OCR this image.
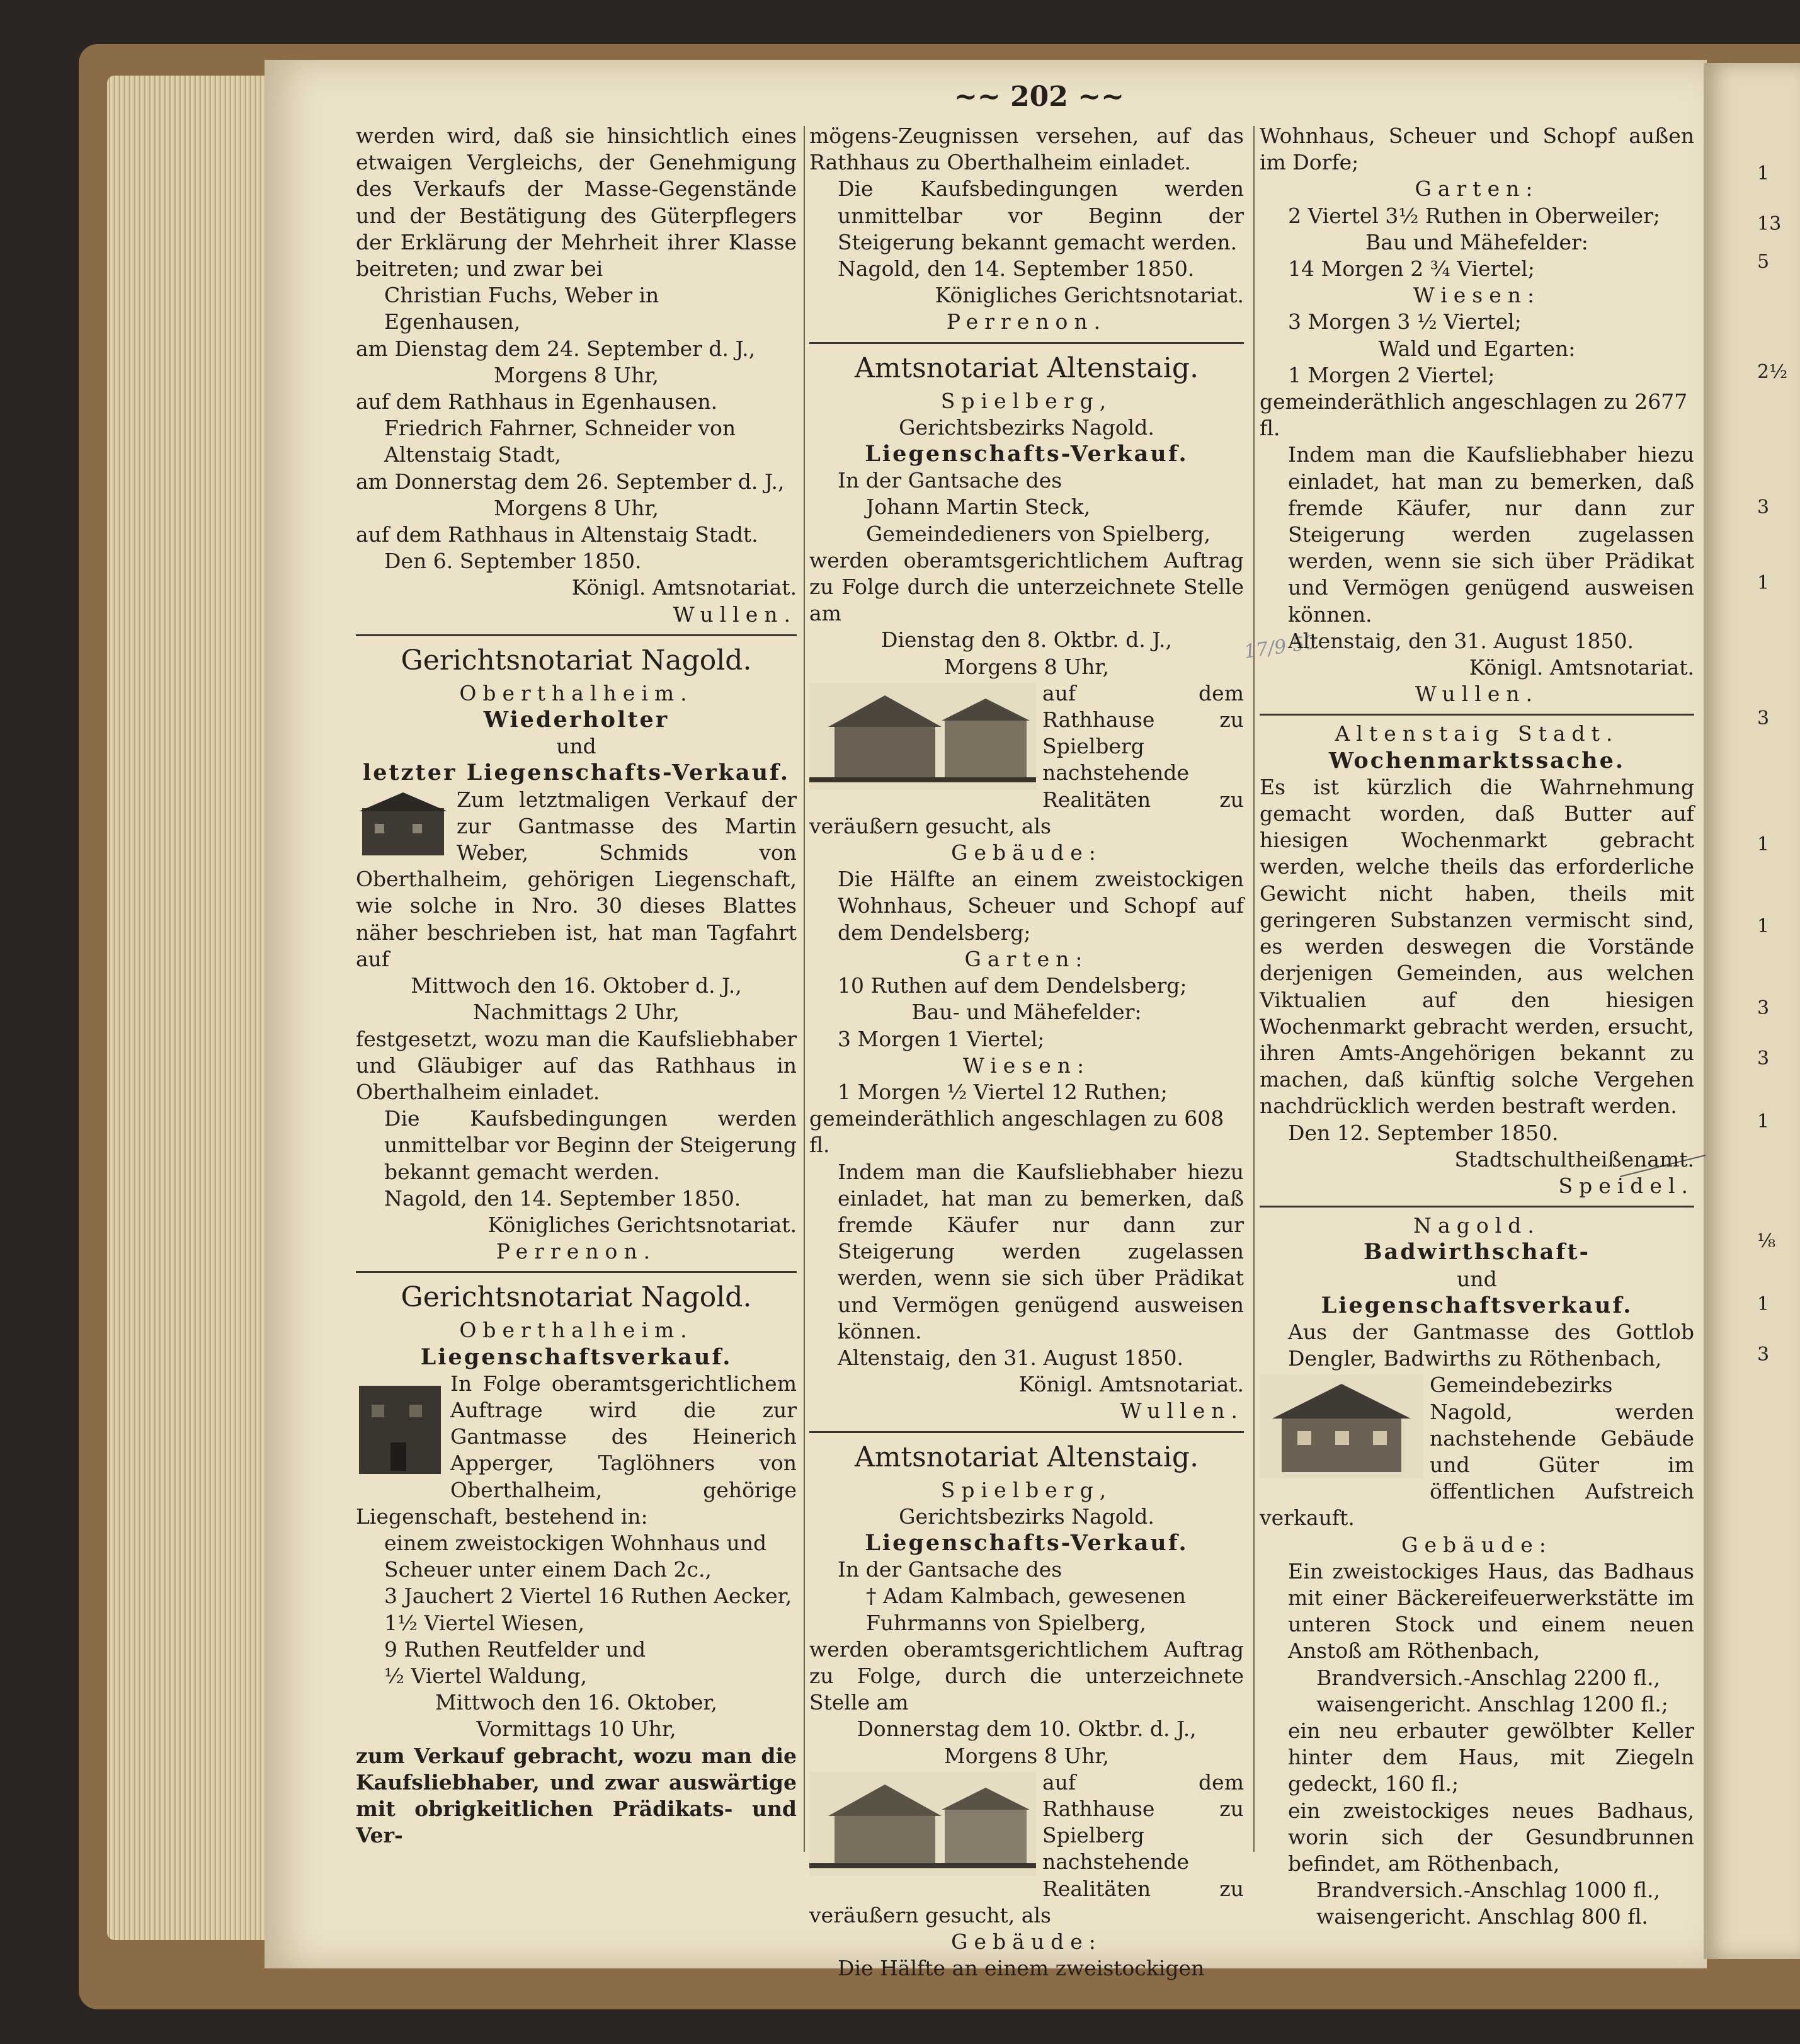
~~ 202 ~~
17/9 50

werden wird, daß sie hinsichtlich eines etwaigen Vergleichs, der Genehmigung des Verkaufs der Masse-Gegenstände und der Bestätigung des Güterpflegers der Erklärung der Mehrheit ihrer Klasse beitreten; und zwar bei

Christian Fuchs, Weber in Egenhausen,

am Dienstag dem 24. September d. J.,

Morgens 8 Uhr,

auf dem Rathhaus in Egenhausen.

Friedrich Fahrner, Schneider von Altenstaig Stadt,

am Donnerstag dem 26. September d. J.,

Morgens 8 Uhr,

auf dem Rathhaus in Altenstaig Stadt.

Den 6. September 1850.

Königl. Amtsnotariat.

Wullen.

Gerichtsnotariat Nagold.

Oberthalheim.

Wiederholter

und

letzter Liegenschafts-Verkauf.

Zum letztmaligen Verkauf der zur Gantmasse des Martin Weber, Schmids von Oberthalheim, gehörigen Liegenschaft, wie solche in Nro. 30 dieses Blattes näher beschrieben ist, hat man Tagfahrt auf

Mittwoch den 16. Oktober d. J.,

Nachmittags 2 Uhr,

festgesetzt, wozu man die Kaufsliebhaber und Gläubiger auf das Rathhaus in Oberthalheim einladet.

Die Kaufsbedingungen werden unmittelbar vor Beginn der Steigerung bekannt gemacht werden.

Nagold, den 14. September 1850.

Königliches Gerichtsnotariat.

Perrenon.

Gerichtsnotariat Nagold.

Oberthalheim.

Liegenschaftsverkauf.

In Folge oberamtsgerichtlichem Auftrage wird die zur Gantmasse des Heinerich Apperger, Taglöhners von Oberthalheim, gehörige Liegenschaft, bestehend in:

einem zweistockigen Wohnhaus und Scheuer unter einem Dach 2c.,

3 Jauchert 2 Viertel 16 Ruthen Aecker,

1½ Viertel Wiesen,

9 Ruthen Reutfelder und

½ Viertel Waldung,

Mittwoch den 16. Oktober,

Vormittags 10 Uhr,

zum Verkauf gebracht, wozu man die Kaufsliebhaber, und zwar auswärtige mit obrigkeitlichen Prädikats- und Ver-

mögens-Zeugnissen versehen, auf das Rathhaus zu Oberthalheim einladet.

Die Kaufsbedingungen werden unmittelbar vor Beginn der Steigerung bekannt gemacht werden.

Nagold, den 14. September 1850.

Königliches Gerichtsnotariat.

Perrenon.

Amtsnotariat Altenstaig.

Spielberg,

Gerichtsbezirks Nagold.

Liegenschafts-Verkauf.

In der Gantsache des

Johann Martin Steck, Gemeindedieners von Spielberg,

werden oberamtsgerichtlichem Auftrag zu Folge durch die unterzeichnete Stelle am

Dienstag den 8. Oktbr. d. J.,

Morgens 8 Uhr,

auf dem Rathhause zu Spielberg nachstehende Realitäten zu veräußern gesucht, als

Gebäude:

Die Hälfte an einem zweistockigen Wohnhaus, Scheuer und Schopf auf dem Dendelsberg;

Garten:

10 Ruthen auf dem Dendelsberg;

Bau- und Mähefelder:

3 Morgen 1 Viertel;

Wiesen:

1 Morgen ½ Viertel 12 Ruthen;

gemeinderäthlich angeschlagen zu 608 fl.

Indem man die Kaufsliebhaber hiezu einladet, hat man zu bemerken, daß fremde Käufer nur dann zur Steigerung werden zugelassen werden, wenn sie sich über Prädikat und Vermögen genügend ausweisen können.

Altenstaig, den 31. August 1850.

Königl. Amtsnotariat.

Wullen.

Amtsnotariat Altenstaig.

Spielberg,

Gerichtsbezirks Nagold.

Liegenschafts-Verkauf.

In der Gantsache des

† Adam Kalmbach, gewesenen Fuhrmanns von Spielberg,

werden oberamtsgerichtlichem Auftrag zu Folge, durch die unterzeichnete Stelle am

Donnerstag dem 10. Oktbr. d. J.,

Morgens 8 Uhr,

auf dem Rathhause zu Spielberg nachstehende Realitäten zu veräußern gesucht, als

Gebäude:

Die Hälfte an einem zweistockigen

Wohnhaus, Scheuer und Schopf außen im Dorfe;

Garten:

2 Viertel 3½ Ruthen in Oberweiler;

Bau und Mähefelder:

14 Morgen 2 ¾ Viertel;

Wiesen:

3 Morgen 3 ½ Viertel;

Wald und Egarten:

1 Morgen 2 Viertel;

gemeinderäthlich angeschlagen zu 2677 fl.

Indem man die Kaufsliebhaber hiezu einladet, hat man zu bemerken, daß fremde Käufer, nur dann zur Steigerung werden zugelassen werden, wenn sie sich über Prädikat und Vermögen genügend ausweisen können.

Altenstaig, den 31. August 1850.

Königl. Amtsnotariat.

Wullen.

Altenstaig Stadt.

Wochenmarktssache.

Es ist kürzlich die Wahrnehmung gemacht worden, daß Butter auf hiesigen Wochenmarkt gebracht werden, welche theils das erforderliche Gewicht nicht haben, theils mit geringeren Substanzen vermischt sind, es werden deswegen die Vorstände derjenigen Gemeinden, aus welchen Viktualien auf den hiesigen Wochenmarkt gebracht werden, ersucht, ihren Amts-Angehörigen bekannt zu machen, daß künftig solche Vergehen nachdrücklich werden bestraft werden.

Den 12. September 1850.

Stadtschultheißenamt.

Speidel.

Nagold.

Badwirthschaft-

und

Liegenschaftsverkauf.

Aus der Gantmasse des Gottlob Dengler, Badwirths zu Röthenbach,

Gemeindebezirks Nagold, werden nachstehende Gebäude und Güter im öffentlichen Aufstreich verkauft.

Gebäude:

Ein zweistockiges Haus, das Badhaus mit einer Bäckereifeuerwerkstätte im unteren Stock und einem neuen Anstoß am Röthenbach,

Brandversich.-Anschlag 2200 fl.,

waisengericht. Anschlag 1200 fl.;

ein neu erbauter gewölbter Keller hinter dem Haus, mit Ziegeln gedeckt, 160 fl.;

ein zweistockiges neues Badhaus, worin sich der Gesundbrunnen befindet, am Röthenbach,

Brandversich.-Anschlag 1000 fl.,

waisengericht. Anschlag 800 fl.

1
13
5
2½
3
1
3
1
1
3
3
1
⅛
1
3
